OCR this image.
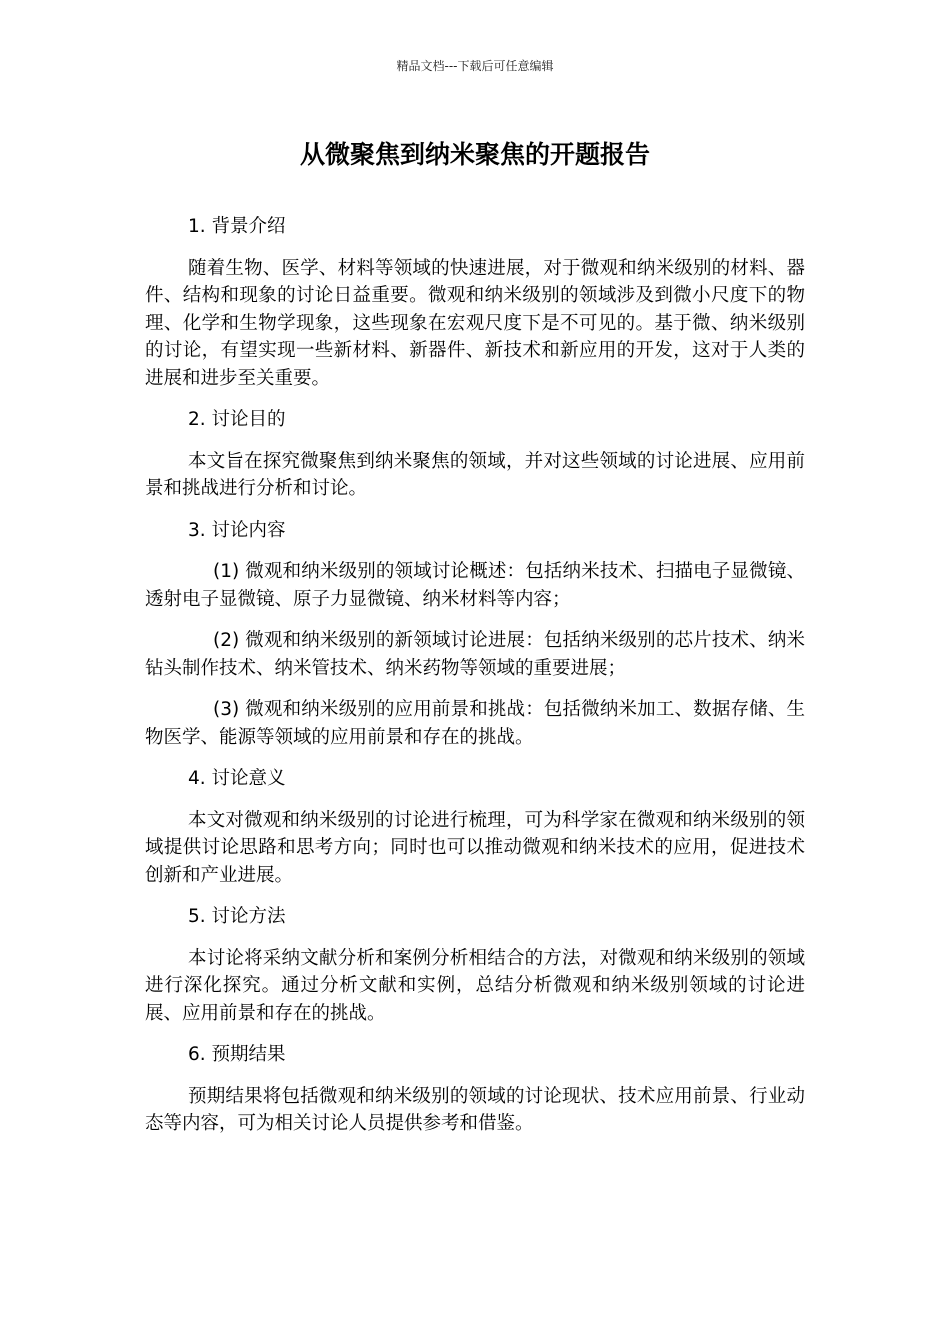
精品文档---下载后可任意编辑
从微聚焦到纳米聚焦的开题报告
1. 背景介绍

随着生物、医学、材料等领域的快速进展，对于微观和纳米级别的材料、器件、结构和现象的讨论日益重要。微观和纳米级别的领域涉及到微小尺度下的物理、化学和生物学现象，这些现象在宏观尺度下是不可见的。基于微、纳米级别的讨论，有望实现一些新材料、新器件、新技术和新应用的开发，这对于人类的进展和进步至关重要。

2. 讨论目的

本文旨在探究微聚焦到纳米聚焦的领域，并对这些领域的讨论进展、应用前景和挑战进行分析和讨论。

3. 讨论内容

(1) 微观和纳米级别的领域讨论概述：包括纳米技术、扫描电子显微镜、透射电子显微镜、原子力显微镜、纳米材料等内容；

(2) 微观和纳米级别的新领域讨论进展：包括纳米级别的芯片技术、纳米钻头制作技术、纳米管技术、纳米药物等领域的重要进展；

(3) 微观和纳米级别的应用前景和挑战：包括微纳米加工、数据存储、生物医学、能源等领域的应用前景和存在的挑战。

4. 讨论意义

本文对微观和纳米级别的讨论进行梳理，可为科学家在微观和纳米级别的领域提供讨论思路和思考方向；同时也可以推动微观和纳米技术的应用，促进技术创新和产业进展。

5. 讨论方法

本讨论将采纳文献分析和案例分析相结合的方法，对微观和纳米级别的领域进行深化探究。通过分析文献和实例，总结分析微观和纳米级别领域的讨论进展、应用前景和存在的挑战。

6. 预期结果

预期结果将包括微观和纳米级别的领域的讨论现状、技术应用前景、行业动态等内容，可为相关讨论人员提供参考和借鉴。
